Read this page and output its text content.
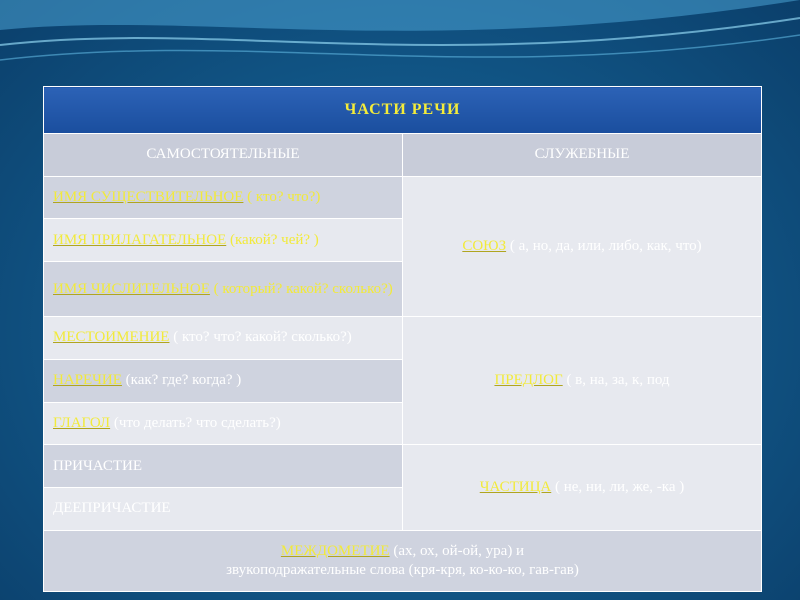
ЧАСТИ РЕЧИ	
САМОСТОЯТЕЛЬНЫЕ	СЛУЖЕБНЫЕ
ИМЯ СУЩЕСТВИТЕЛЬНОЕ ( кто? что?)	СОЮЗ ( а, но, да, или, либо, как, что)
ИМЯ ПРИЛАГАТЕЛЬНОЕ (какой? чей? )	
ИМЯ ЧИСЛИТЕЛЬНОЕ ( который? какой? сколько?)	
МЕСТОИМЕНИЕ ( кто? что? какой? сколько?)	ПРЕДЛОГ ( в, на, за, к, под
НАРЕЧИЕ (как? где? когда? )	
ГЛАГОЛ (что делать? что сделать?)	
ПРИЧАСТИЕ	ЧАСТИЦА ( не, ни, ли, же, -ка )
ДЕЕПРИЧАСТИЕ	
МЕЖДОМЕТИЕ (ах, ох, ой-ой, ура) и
звукоподражательные слова (кря-кря, ко-ко-ко, гав-гав)	
